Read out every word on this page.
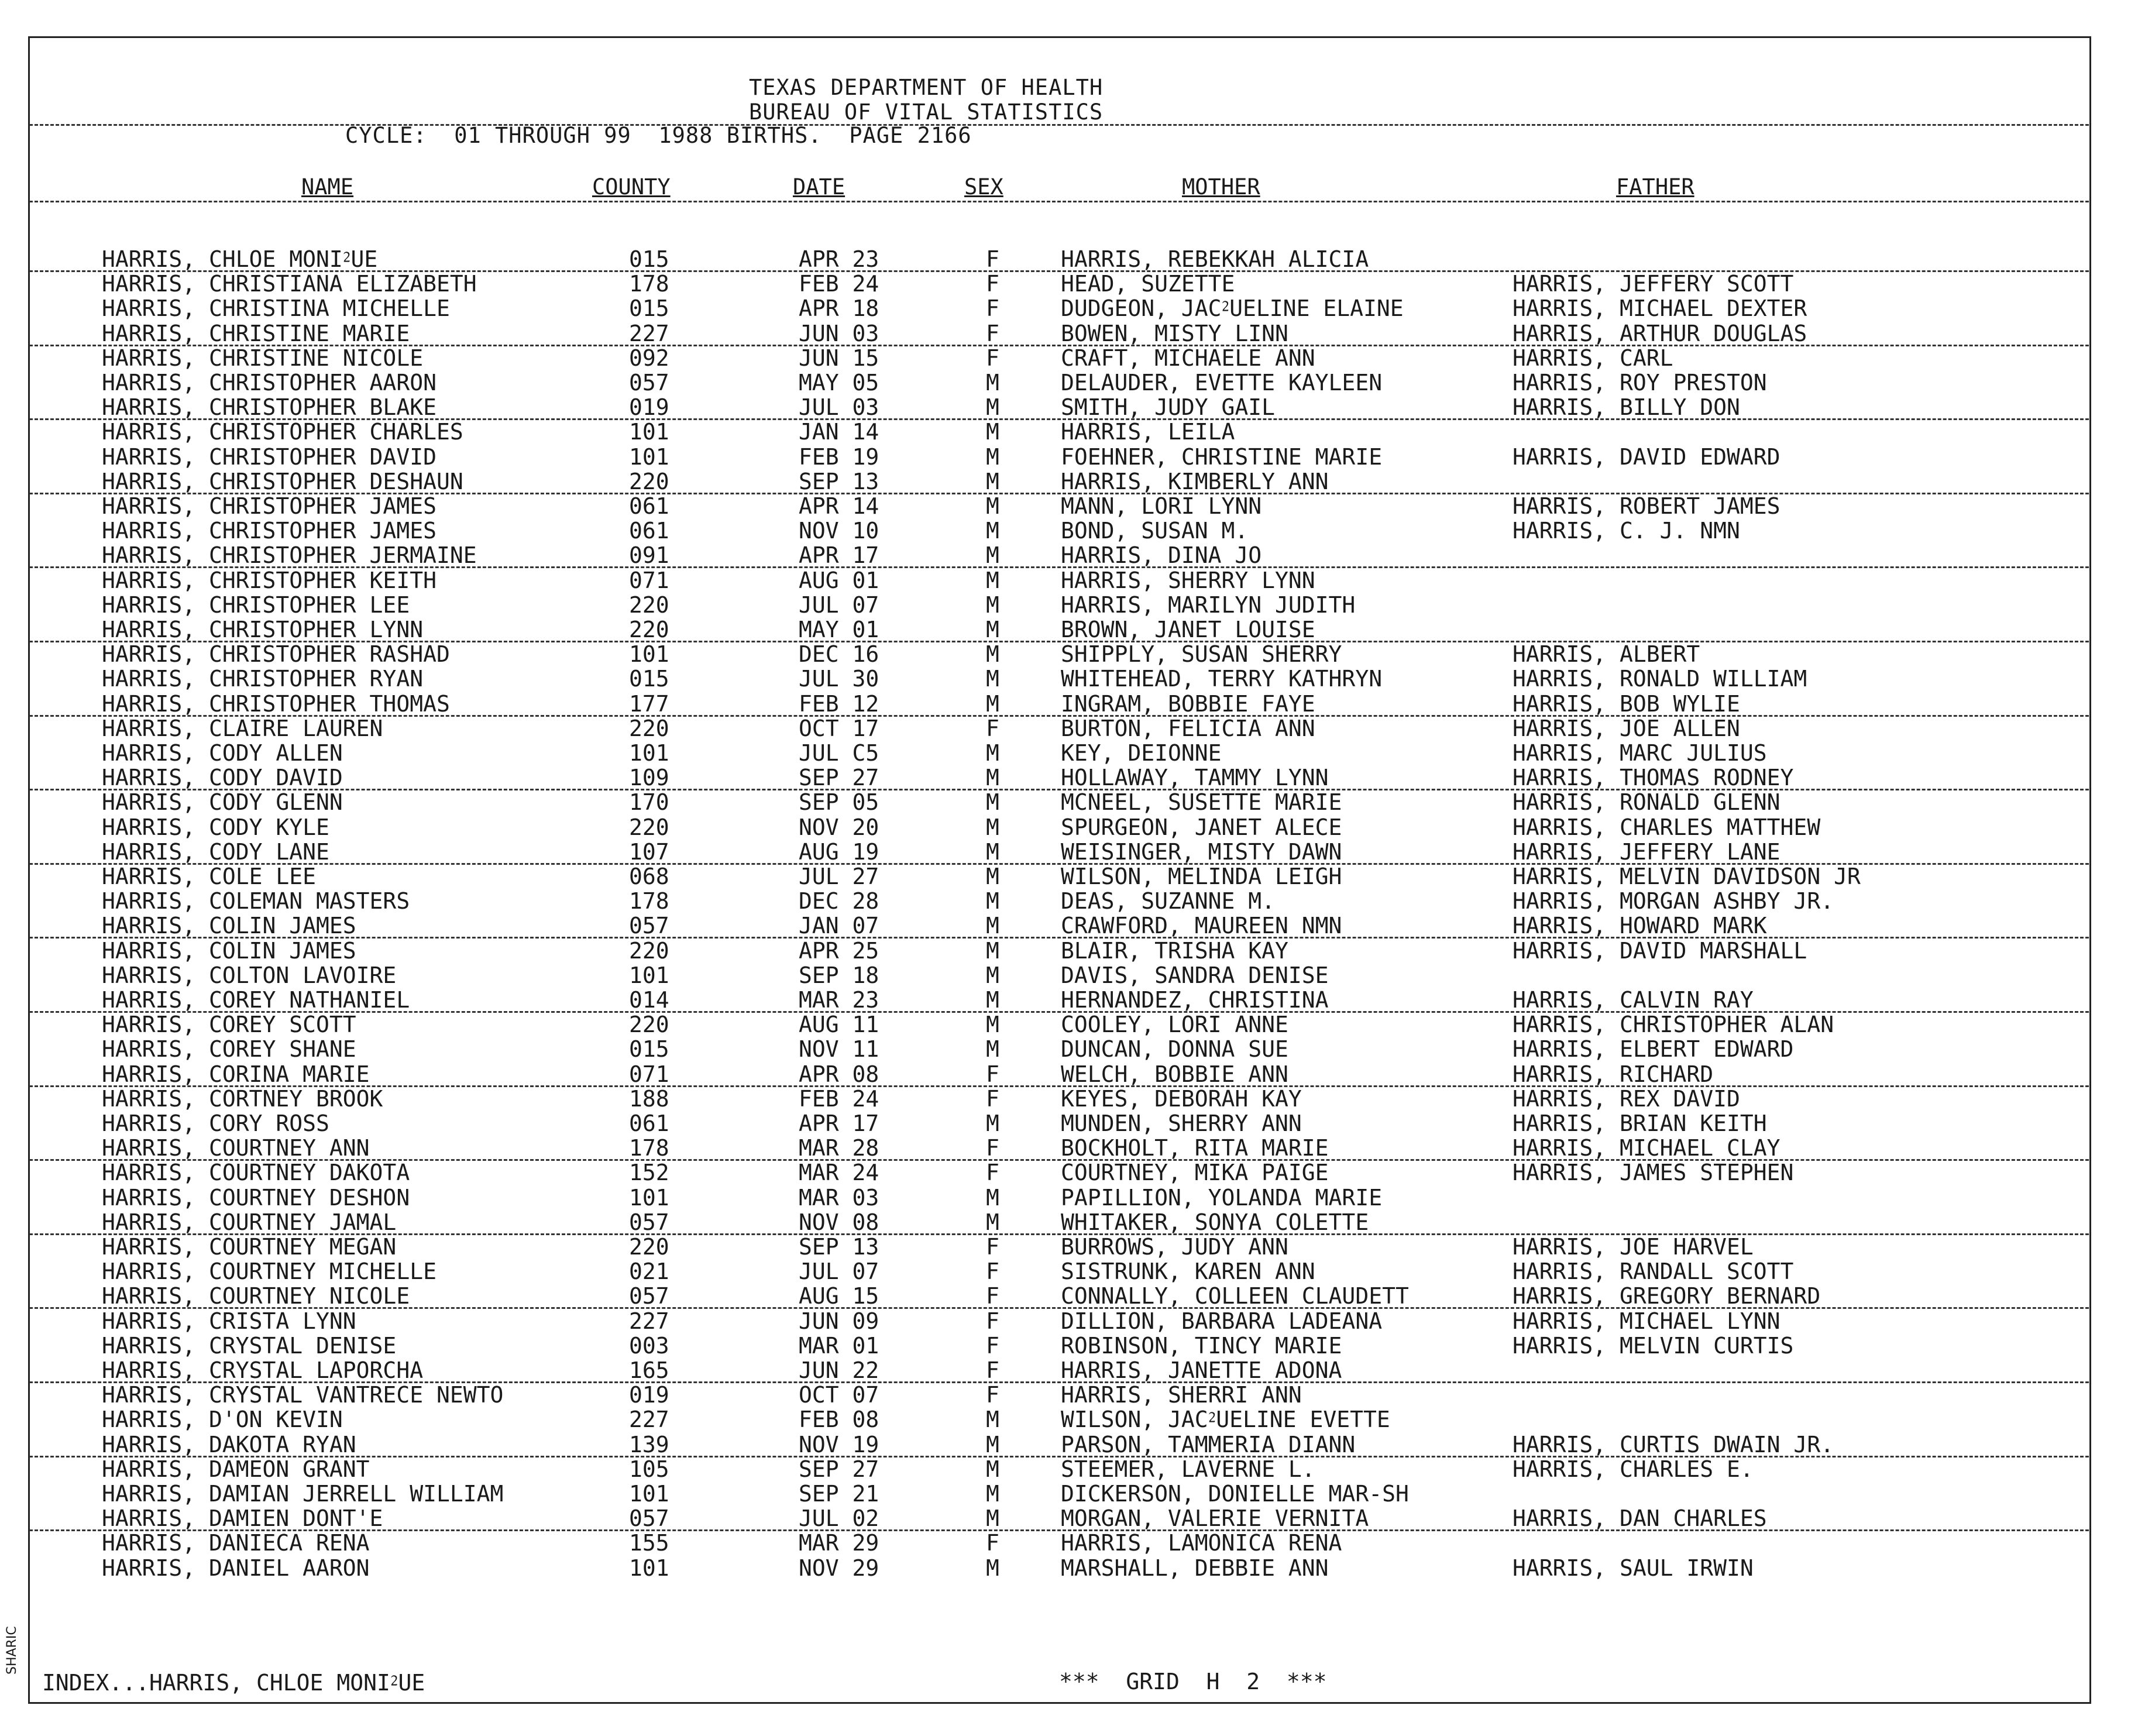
TEXAS DEPARTMENT OF HEALTH
BUREAU OF VITAL STATISTICS
CYCLE:  01 THROUGH 99  1988 BIRTHS.  PAGE 2166
NAME	COUNTY	DATE	SEX	MOTHER	FATHER
HARRIS, CHLOE MONI⁲UE	015	APR 23	F	HARRIS, REBEKKAH ALICIA
HARRIS, CHRISTIANA ELIZABETH	178	FEB 24	F	HEAD, SUZETTE	HARRIS, JEFFERY SCOTT
HARRIS, CHRISTINA MICHELLE	015	APR 18	F	DUDGEON, JAC⁲UELINE ELAINE	HARRIS, MICHAEL DEXTER
HARRIS, CHRISTINE MARIE	227	JUN 03	F	BOWEN, MISTY LINN	HARRIS, ARTHUR DOUGLAS
HARRIS, CHRISTINE NICOLE	092	JUN 15	F	CRAFT, MICHAELE ANN	HARRIS, CARL
HARRIS, CHRISTOPHER AARON	057	MAY 05	M	DELAUDER, EVETTE KAYLEEN	HARRIS, ROY PRESTON
HARRIS, CHRISTOPHER BLAKE	019	JUL 03	M	SMITH, JUDY GAIL	HARRIS, BILLY DON
HARRIS, CHRISTOPHER CHARLES	101	JAN 14	M	HARRIS, LEILA
HARRIS, CHRISTOPHER DAVID	101	FEB 19	M	FOEHNER, CHRISTINE MARIE	HARRIS, DAVID EDWARD
HARRIS, CHRISTOPHER DESHAUN	220	SEP 13	M	HARRIS, KIMBERLY ANN
HARRIS, CHRISTOPHER JAMES	061	APR 14	M	MANN, LORI LYNN	HARRIS, ROBERT JAMES
HARRIS, CHRISTOPHER JAMES	061	NOV 10	M	BOND, SUSAN M.	HARRIS, C. J. NMN
HARRIS, CHRISTOPHER JERMAINE	091	APR 17	M	HARRIS, DINA JO
HARRIS, CHRISTOPHER KEITH	071	AUG 01	M	HARRIS, SHERRY LYNN
HARRIS, CHRISTOPHER LEE	220	JUL 07	M	HARRIS, MARILYN JUDITH
HARRIS, CHRISTOPHER LYNN	220	MAY 01	M	BROWN, JANET LOUISE
HARRIS, CHRISTOPHER RASHAD	101	DEC 16	M	SHIPPLY, SUSAN SHERRY	HARRIS, ALBERT
HARRIS, CHRISTOPHER RYAN	015	JUL 30	M	WHITEHEAD, TERRY KATHRYN	HARRIS, RONALD WILLIAM
HARRIS, CHRISTOPHER THOMAS	177	FEB 12	M	INGRAM, BOBBIE FAYE	HARRIS, BOB WYLIE
HARRIS, CLAIRE LAUREN	220	OCT 17	F	BURTON, FELICIA ANN	HARRIS, JOE ALLEN
HARRIS, CODY ALLEN	101	JUL C5	M	KEY, DEIONNE	HARRIS, MARC JULIUS
HARRIS, CODY DAVID	109	SEP 27	M	HOLLAWAY, TAMMY LYNN	HARRIS, THOMAS RODNEY
HARRIS, CODY GLENN	170	SEP 05	M	MCNEEL, SUSETTE MARIE	HARRIS, RONALD GLENN
HARRIS, CODY KYLE	220	NOV 20	M	SPURGEON, JANET ALECE	HARRIS, CHARLES MATTHEW
HARRIS, CODY LANE	107	AUG 19	M	WEISINGER, MISTY DAWN	HARRIS, JEFFERY LANE
HARRIS, COLE LEE	068	JUL 27	M	WILSON, MELINDA LEIGH	HARRIS, MELVIN DAVIDSON JR
HARRIS, COLEMAN MASTERS	178	DEC 28	M	DEAS, SUZANNE M.	HARRIS, MORGAN ASHBY JR.
HARRIS, COLIN JAMES	057	JAN 07	M	CRAWFORD, MAUREEN NMN	HARRIS, HOWARD MARK
HARRIS, COLIN JAMES	220	APR 25	M	BLAIR, TRISHA KAY	HARRIS, DAVID MARSHALL
HARRIS, COLTON LAVOIRE	101	SEP 18	M	DAVIS, SANDRA DENISE
HARRIS, COREY NATHANIEL	014	MAR 23	M	HERNANDEZ, CHRISTINA	HARRIS, CALVIN RAY
HARRIS, COREY SCOTT	220	AUG 11	M	COOLEY, LORI ANNE	HARRIS, CHRISTOPHER ALAN
HARRIS, COREY SHANE	015	NOV 11	M	DUNCAN, DONNA SUE	HARRIS, ELBERT EDWARD
HARRIS, CORINA MARIE	071	APR 08	F	WELCH, BOBBIE ANN	HARRIS, RICHARD
HARRIS, CORTNEY BROOK	188	FEB 24	F	KEYES, DEBORAH KAY	HARRIS, REX DAVID
HARRIS, CORY ROSS	061	APR 17	M	MUNDEN, SHERRY ANN	HARRIS, BRIAN KEITH
HARRIS, COURTNEY ANN	178	MAR 28	F	BOCKHOLT, RITA MARIE	HARRIS, MICHAEL CLAY
HARRIS, COURTNEY DAKOTA	152	MAR 24	F	COURTNEY, MIKA PAIGE	HARRIS, JAMES STEPHEN
HARRIS, COURTNEY DESHON	101	MAR 03	M	PAPILLION, YOLANDA MARIE
HARRIS, COURTNEY JAMAL	057	NOV 08	M	WHITAKER, SONYA COLETTE
HARRIS, COURTNEY MEGAN	220	SEP 13	F	BURROWS, JUDY ANN	HARRIS, JOE HARVEL
HARRIS, COURTNEY MICHELLE	021	JUL 07	F	SISTRUNK, KAREN ANN	HARRIS, RANDALL SCOTT
HARRIS, COURTNEY NICOLE	057	AUG 15	F	CONNALLY, COLLEEN CLAUDETT	HARRIS, GREGORY BERNARD
HARRIS, CRISTA LYNN	227	JUN 09	F	DILLION, BARBARA LADEANA	HARRIS, MICHAEL LYNN
HARRIS, CRYSTAL DENISE	003	MAR 01	F	ROBINSON, TINCY MARIE	HARRIS, MELVIN CURTIS
HARRIS, CRYSTAL LAPORCHA	165	JUN 22	F	HARRIS, JANETTE ADONA
HARRIS, CRYSTAL VANTRECE NEWTO	019	OCT 07	F	HARRIS, SHERRI ANN
HARRIS, D'ON KEVIN	227	FEB 08	M	WILSON, JAC⁲UELINE EVETTE
HARRIS, DAKOTA RYAN	139	NOV 19	M	PARSON, TAMMERIA DIANN	HARRIS, CURTIS DWAIN JR.
HARRIS, DAMEON GRANT	105	SEP 27	M	STEEMER, LAVERNE L.	HARRIS, CHARLES E.
HARRIS, DAMIAN JERRELL WILLIAM	101	SEP 21	M	DICKERSON, DONIELLE MAR-SH
HARRIS, DAMIEN DONT'E	057	JUL 02	M	MORGAN, VALERIE VERNITA	HARRIS, DAN CHARLES
HARRIS, DANIECA RENA	155	MAR 29	F	HARRIS, LAMONICA RENA
HARRIS, DANIEL AARON	101	NOV 29	M	MARSHALL, DEBBIE ANN	HARRIS, SAUL IRWIN
INDEX...HARRIS, CHLOE MONI⁲UE	***  GRID  H  2  ***
SHARIC
